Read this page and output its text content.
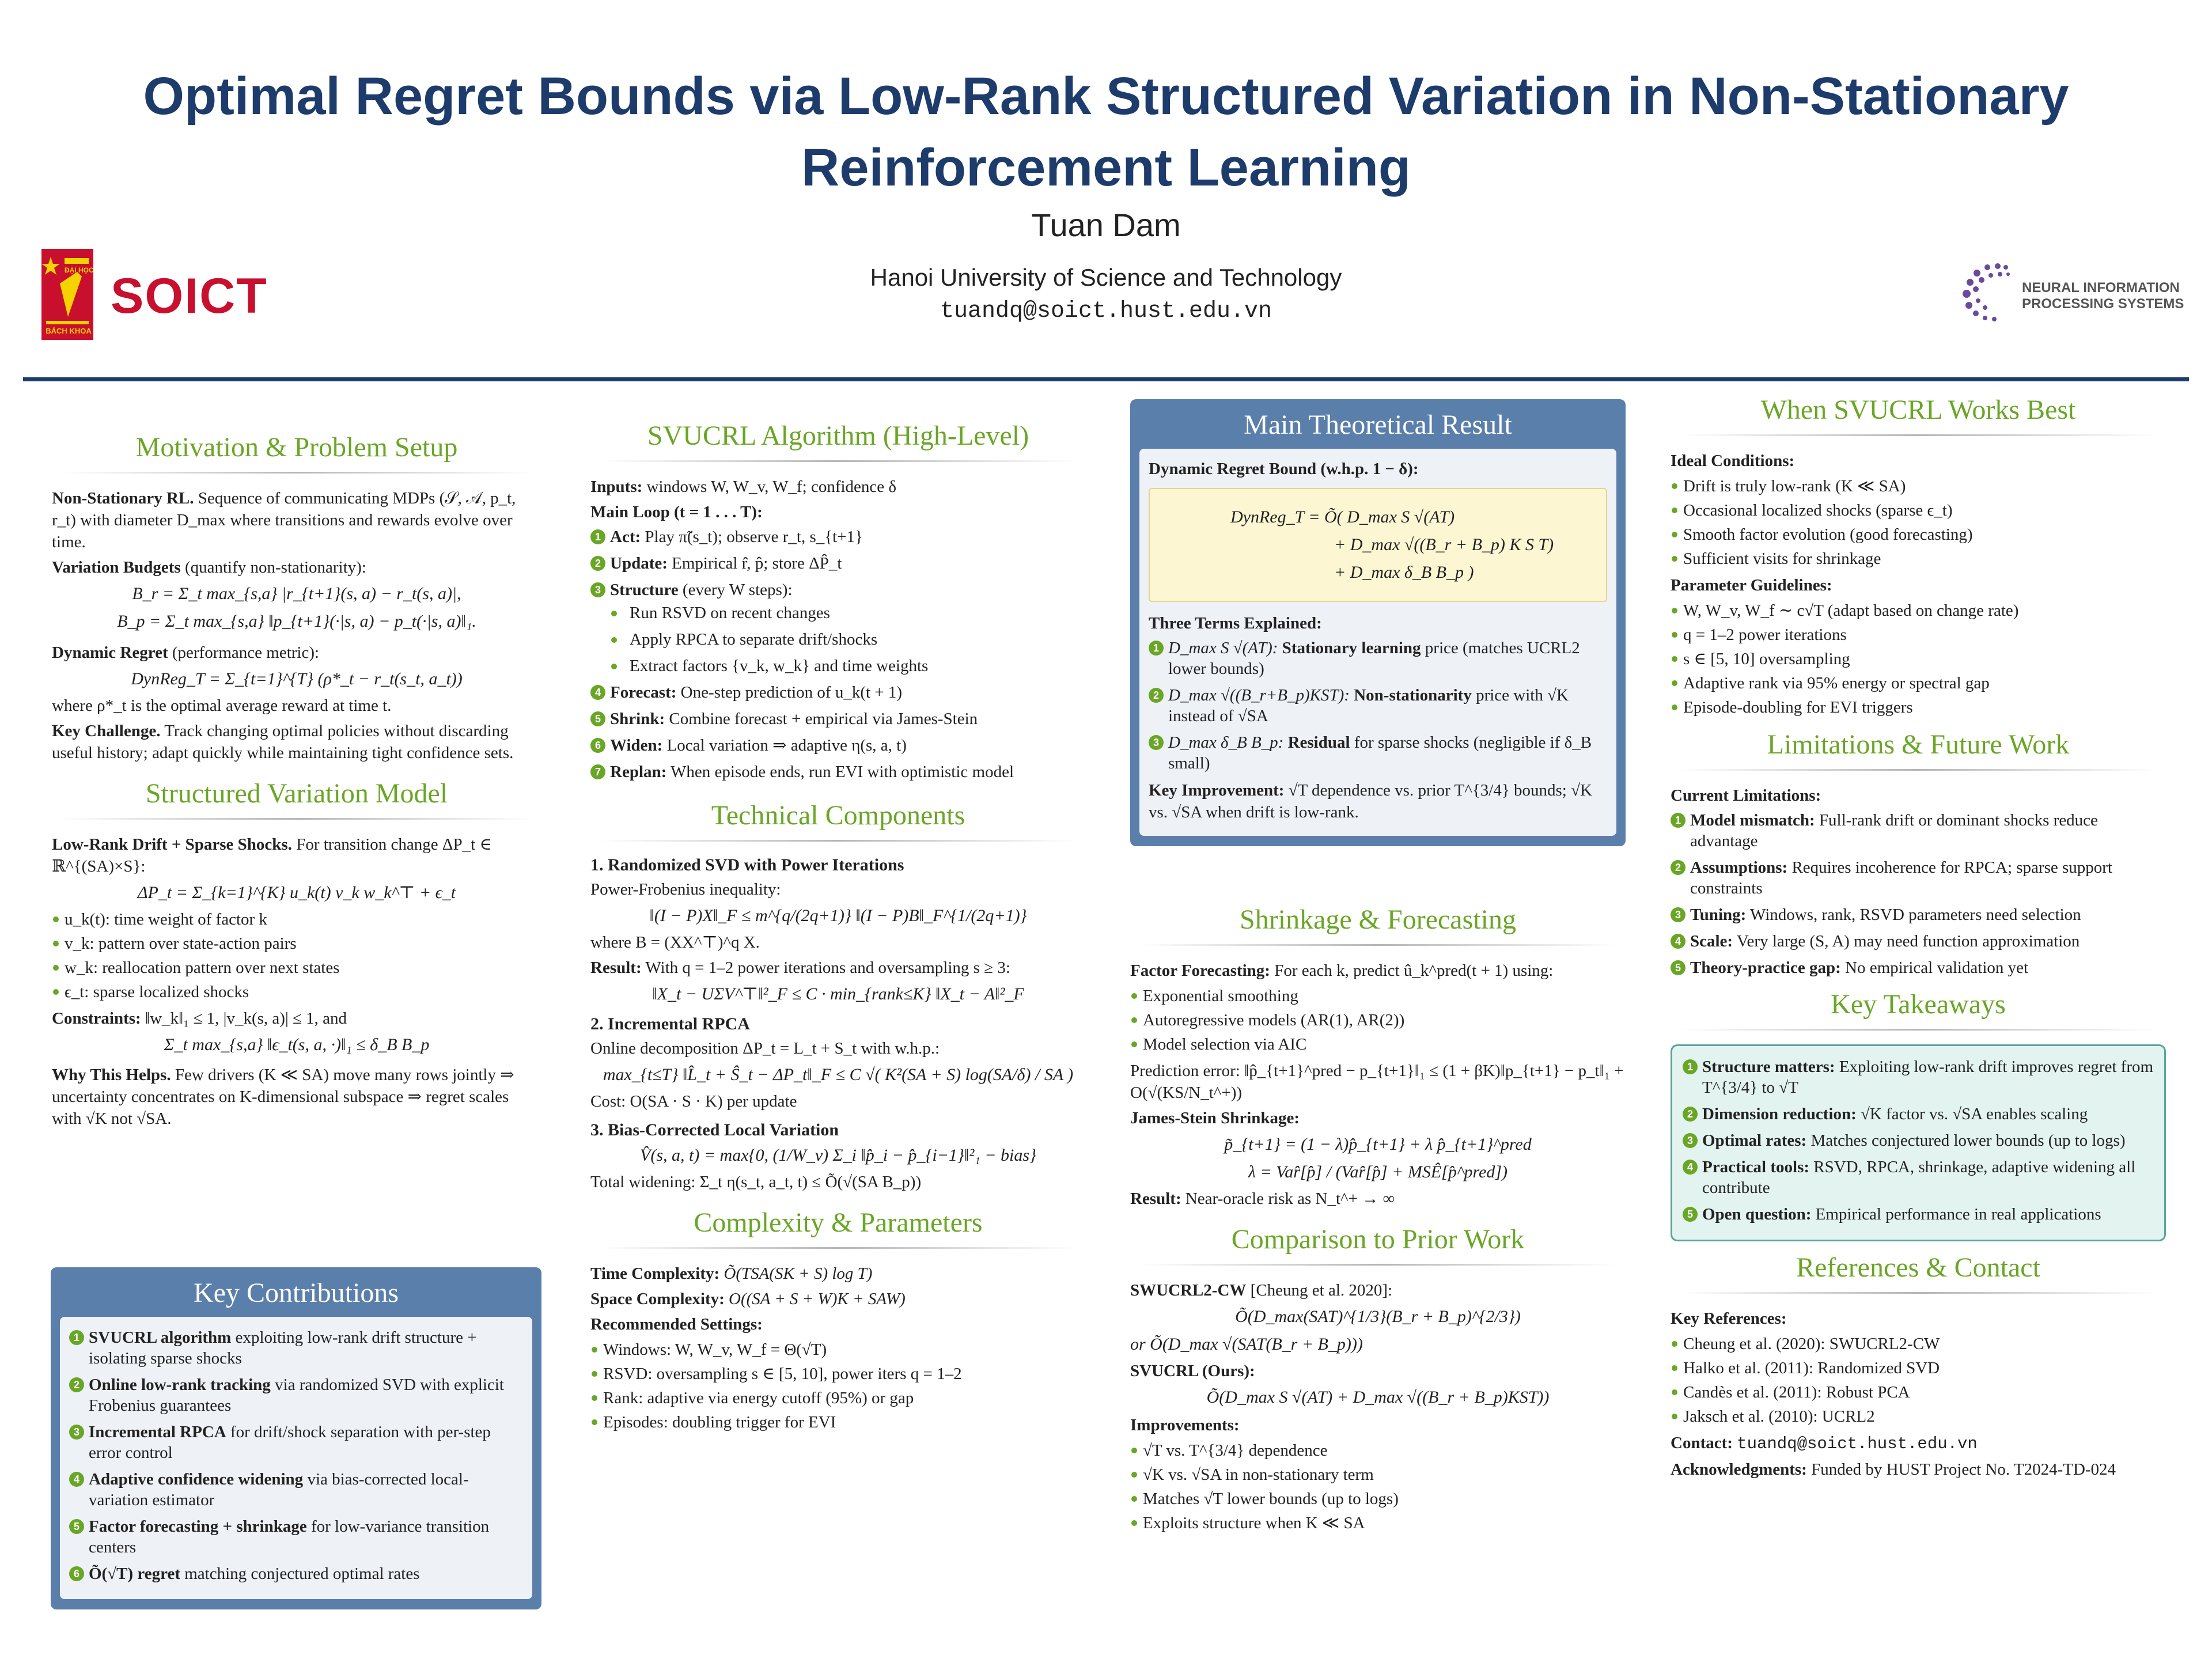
Optimal Regret Bounds via Low-Rank Structured Variation in Non-Stationary
Reinforcement Learning
Tuan Dam
Hanoi University of Science and Technology
tuandq@soict.hust.edu.vn
ĐẠI HỌC
BÁCH KHOA
SOICT	NEURAL INFORMATION
PROCESSING SYSTEMS
Motivation & Problem Setup
Non-Stationary RL. Sequence of communicating MDPs (𝒮, 𝒜, p_t, r_t) with diameter D_max where transitions and rewards evolve over time.
Variation Budgets (quantify non-stationarity):
B_r = Σ_t max_{s,a} |r_{t+1}(s, a) − r_t(s, a)|,
B_p = Σ_t max_{s,a} ‖p_{t+1}(·|s, a) − p_t(·|s, a)‖₁.
Dynamic Regret (performance metric):
DynReg_T = Σ_{t=1}^{T} (ρ*_t − r_t(s_t, a_t))
where ρ*_t is the optimal average reward at time t.
Key Challenge. Track changing optimal policies without discarding useful history; adapt quickly while maintaining tight confidence sets.
Structured Variation Model
Low-Rank Drift + Sparse Shocks. For transition change ΔP_t ∈ ℝ^{(SA)×S}:
ΔP_t = Σ_{k=1}^{K} u_k(t) v_k w_k^⊤ + ϵ_t
u_k(t): time weight of factor k
v_k: pattern over state-action pairs
w_k: reallocation pattern over next states
ϵ_t: sparse localized shocks
Constraints: ‖w_k‖₁ ≤ 1, |v_k(s, a)| ≤ 1, and
Σ_t max_{s,a} ‖ϵ_t(s, a, ·)‖₁ ≤ δ_B B_p
Why This Helps. Few drivers (K ≪ SA) move many rows jointly ⇒ uncertainty concentrates on K-dimensional subspace ⇒ regret scales with √K not √SA.
Key Contributions
1 SVUCRL algorithm exploiting low-rank drift structure + isolating sparse shocks
2 Online low-rank tracking via randomized SVD with explicit Frobenius guarantees
3 Incremental RPCA for drift/shock separation with per-step error control
4 Adaptive confidence widening via bias-corrected local-variation estimator
5 Factor forecasting + shrinkage for low-variance transition centers
6 Õ(√T) regret matching conjectured optimal rates
SVUCRL Algorithm (High-Level)
Inputs: windows W, W_v, W_f; confidence δ
Main Loop (t = 1 . . . T):
1 Act: Play π̃(s_t); observe r_t, s_{t+1}
2 Update: Empirical r̂, p̂; store ΔP̂_t
3 Structure (every W steps):
Run RSVD on recent changes
Apply RPCA to separate drift/shocks
Extract factors {v_k, w_k} and time weights
4 Forecast: One-step prediction of u_k(t + 1)
5 Shrink: Combine forecast + empirical via James-Stein
6 Widen: Local variation ⇒ adaptive η(s, a, t)
7 Replan: When episode ends, run EVI with optimistic model
Technical Components
1. Randomized SVD with Power Iterations
Power-Frobenius inequality:
‖(I − P)X‖_F ≤ m^{q/(2q+1)} ‖(I − P)B‖_F^{1/(2q+1)}
where B = (XX^⊤)^q X.
Result: With q = 1–2 power iterations and oversampling s ≥ 3:
‖X_t − UΣV^⊤‖²_F ≤ C · min_{rank≤K} ‖X_t − A‖²_F
2. Incremental RPCA
Online decomposition ΔP_t = L_t + S_t with w.h.p.:
max_{t≤T} ‖L̂_t + Ŝ_t − ΔP_t‖_F ≤ C √( K²(SA + S) log(SA/δ) / SA )
Cost: O(SA · S · K) per update
3. Bias-Corrected Local Variation
V̂(s, a, t) = max{0, (1/W_v) Σ_i ‖p̂_i − p̂_{i−1}‖²₁ − bias}
Total widening: Σ_t η(s_t, a_t, t) ≤ Õ(√(SA B_p))
Complexity & Parameters
Time Complexity: Õ(TSA(SK + S) log T)
Space Complexity: O((SA + S + W)K + SAW)
Recommended Settings:
Windows: W, W_v, W_f = Θ(√T)
RSVD: oversampling s ∈ [5, 10], power iters q = 1–2
Rank: adaptive via energy cutoff (95%) or gap
Episodes: doubling trigger for EVI
Main Theoretical Result
Dynamic Regret Bound (w.h.p. 1 − δ):
DynReg_T = Õ( D_max S √(AT)
+ D_max √((B_r + B_p) K S T)
+ D_max δ_B B_p )
Three Terms Explained:
1 D_max S √(AT): Stationary learning price (matches UCRL2 lower bounds)
2 D_max √((B_r+B_p)KST): Non-stationarity price with √K instead of √SA
3 D_max δ_B B_p: Residual for sparse shocks (negligible if δ_B small)
Key Improvement: √T dependence vs. prior T^{3/4} bounds; √K vs. √SA when drift is low-rank.
Shrinkage & Forecasting
Factor Forecasting: For each k, predict û_k^pred(t + 1) using:
Exponential smoothing
Autoregressive models (AR(1), AR(2))
Model selection via AIC
Prediction error: ‖p̂_{t+1}^pred − p_{t+1}‖₁ ≤ (1 + βK)‖p_{t+1} − p_t‖₁ + O(√(KS/N_t^+))
James-Stein Shrinkage:
p̃_{t+1} = (1 − λ)p̂_{t+1} + λ p̂_{t+1}^pred
λ = Var̂[p̂] / (Var̂[p̂] + MSÊ[p̂^pred])
Result: Near-oracle risk as N_t^+ → ∞
Comparison to Prior Work
SWUCRL2-CW [Cheung et al. 2020]:
Õ(D_max(SAT)^{1/3}(B_r + B_p)^{2/3})
or Õ(D_max √(SAT(B_r + B_p)))
SVUCRL (Ours):
Õ(D_max S √(AT) + D_max √((B_r + B_p)KST))
Improvements:
√T vs. T^{3/4} dependence
√K vs. √SA in non-stationary term
Matches √T lower bounds (up to logs)
Exploits structure when K ≪ SA
When SVUCRL Works Best
Ideal Conditions:
Drift is truly low-rank (K ≪ SA)
Occasional localized shocks (sparse ϵ_t)
Smooth factor evolution (good forecasting)
Sufficient visits for shrinkage
Parameter Guidelines:
W, W_v, W_f ∼ c√T (adapt based on change rate)
q = 1–2 power iterations
s ∈ [5, 10] oversampling
Adaptive rank via 95% energy or spectral gap
Episode-doubling for EVI triggers
Limitations & Future Work
Current Limitations:
1 Model mismatch: Full-rank drift or dominant shocks reduce advantage
2 Assumptions: Requires incoherence for RPCA; sparse support constraints
3 Tuning: Windows, rank, RSVD parameters need selection
4 Scale: Very large (S, A) may need function approximation
5 Theory-practice gap: No empirical validation yet
Key Takeaways
1 Structure matters: Exploiting low-rank drift improves regret from T^{3/4} to √T
2 Dimension reduction: √K factor vs. √SA enables scaling
3 Optimal rates: Matches conjectured lower bounds (up to logs)
4 Practical tools: RSVD, RPCA, shrinkage, adaptive widening all contribute
5 Open question: Empirical performance in real applications
References & Contact
Key References:
Cheung et al. (2020): SWUCRL2-CW
Halko et al. (2011): Randomized SVD
Candès et al. (2011): Robust PCA
Jaksch et al. (2010): UCRL2
Contact: tuandq@soict.hust.edu.vn
Acknowledgments: Funded by HUST Project No. T2024-TD-024
